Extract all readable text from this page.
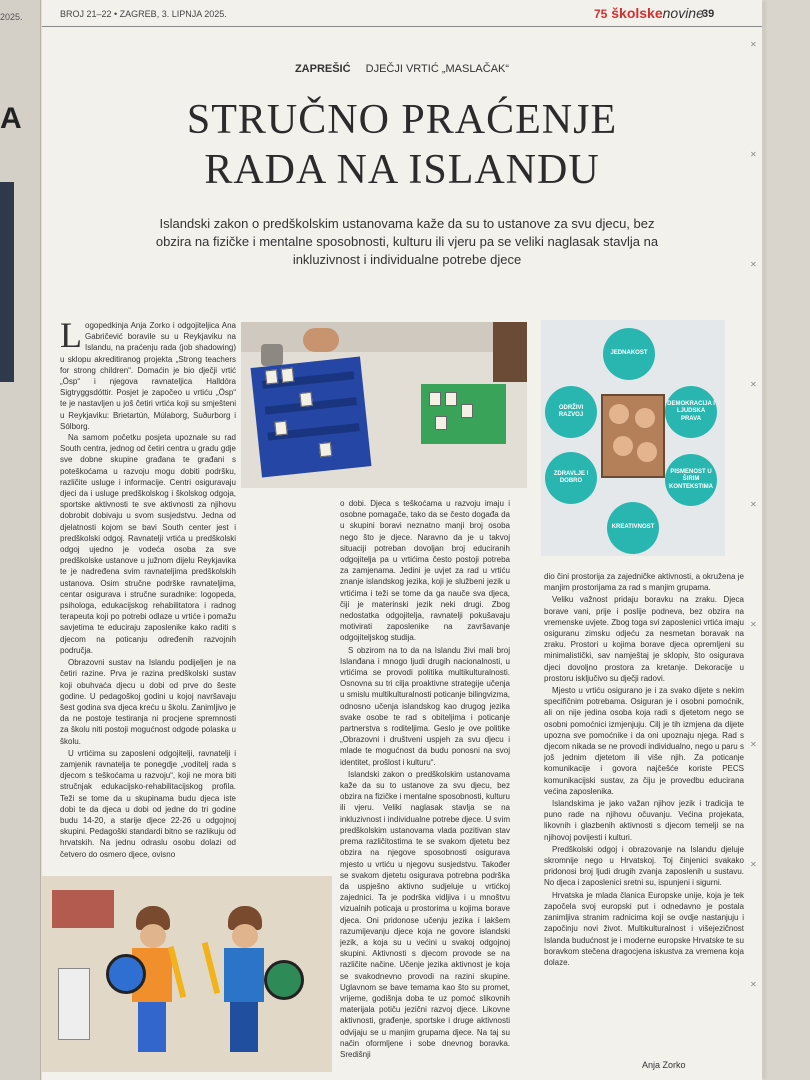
2025.
A
BROJ 21–22 • ZAGREB, 3. LIPNJA 2025.	75 školskenovine
39
ZAPREŠIĆ DJEČJI VRTIĆ „MASLAČAK“
STRUČNO PRAĆENJE
RADA NA ISLANDU
Islandski zakon o predškolskim ustanovama kaže da su to ustanove za svu djecu, bez obzira na fizičke i mentalne sposobnosti, kulturu ili vjeru pa se veliki naglasak stavlja na inkluzivnost i individualne potrebe djece

Logopedkinja Anja Zorko i odgojiteljica Ana Gabričević boravile su u Reykjaviku na Islandu, na praćenju rada (job shadowing) u sklopu akreditiranog projekta „Strong teachers for strong children“. Domaćin je bio dječji vrtić „Ösp“ i njegova ravnateljica Halldóra Sigtryggsdóttir. Posjet je započeo u vrtiću „Ösp“ te je nastavljen u još četiri vrtića koji su smješteni u Reykjaviku: Brietartún, Múlaborg, Suðurborg i Sólborg.

Na samom početku posjeta upoznale su rad South centra, jednog od četiri centra u gradu gdje sve dobne skupine građana te građani s poteškoćama u razvoju mogu dobiti podršku, različite usluge i informacije. Centri osiguravaju djeci da i usluge predškolskog i školskog odgoja, sportske aktivnosti te sve aktivnosti za njihovu dobrobit dobivaju u svom susjedstvu. Jedna od djelatnosti kojom se bavi South center jest i predškolski odgoj. Ravnatelji vrtića u predškolski odgoj ujedno je vodeća osoba za sve predškolske ustanove u južnom dijelu Reykjavika te je nadređena svim ravnateljima predškolskih ustanova. Osim stručne podrške ravnateljima, centar osigurava i stručne suradnike: logopeda, psihologa, edukacijskog rehabilitatora i radnog terapeuta koji po potrebi odlaze u vrtiće i pomažu savjetima te educiraju zaposlenike kako raditi s djecom na poticanju određenih razvojnih područja.

Obrazovni sustav na Islandu podijeljen je na četiri razine. Prva je razina predškolski sustav koji obuhvaća djecu u dobi od prve do šeste godine. U pedagoškoj godini u kojoj navršavaju šest godina sva djeca kreću u školu. Zanimljivo je da ne postoje testiranja ni procjene spremnosti za školu niti postoji mogućnost odgode polaska u školu.

U vrtićima su zaposleni odgojitelji, ravnatelji i zamjenik ravnatelja te ponegdje „voditelj rada s djecom s teškoćama u razvoju“, koji ne mora biti stručnjak edukacijsko-rehabilitacijskog profila. Teži se tome da u skupinama budu djeca iste dobi te da djeca u dobi od jedne do tri godine budu 14-20, a starije djece 22-26 u odgojnoj skupini. Pedagoški standardi bitno se razlikuju od hrvatskih. Na jednu odraslu osobu dolazi od četvero do osmero djece, ovisno

JEDNAKOST
DEMOKRACIJA I LJUDSKA PRAVA
PISMENOST U ŠIRIM KONTEKSTIMA
KREATIVNOST
ZDRAVLJE I DOBRO
ODRŽIVI RAZVOJ

o dobi. Djeca s teškoćama u razvoju imaju i osobne pomagače, tako da se često događa da u skupini boravi neznatno manji broj osoba nego što je djece. Naravno da je u takvoj situaciji potreban dovoljan broj educiranih odgojitelja pa u vrtićima često postoji potreba za zamjenama. Jedini je uvjet za rad u vrtiću znanje islandskog jezika, koji je službeni jezik u vrtićima i teži se tome da ga nauče sva djeca, čiji je materinski jezik neki drugi. Zbog nedostatka odgojitelja, ravnatelji pokušavaju motivirati zaposlenike na završavanje odgojiteljskog studija.

S obzirom na to da na Islandu živi mali broj Islanđana i mnogo ljudi drugih nacionalnosti, u vrtićima se provodi politika multikulturalnosti. Osnovna su tri cilja proaktivne strategije učenja u smislu multikulturalnosti poticanje bilingvizma, odnosno učenja islandskog kao drugog jezika svake osobe te rad s obiteljima i poticanje partnerstva s roditeljima. Geslo je ove politike „Obrazovni i društveni uspjeh za svu djecu i mlade te mogućnost da budu ponosni na svoj identitet, prošlost i kulturu“.

Islandski zakon o predškolskim ustanovama kaže da su to ustanove za svu djecu, bez obzira na fizičke i mentalne sposobnosti, kulturu ili vjeru. Veliki naglasak stavlja se na inkluzivnost i individualne potrebe djece. U svim predškolskim ustanovama vlada pozitivan stav prema različitostima te se svakom djetetu bez obzira na njegove sposobnosti osigurava mjesto u vrtiću u njegovu susjedstvu. Također se svakom djetetu osigurava potrebna podrška da uspješno aktivno sudjeluje u vrtićkoj zajednici. Ta je podrška vidljiva i u mnoštvu vizualnih poticaja u prostorima u kojima borave djeca. Oni pridonose učenju jezika i lakšem razumijevanju djece koja ne govore islandski jezik, a koja su u većini u svakoj odgojnoj skupini. Aktivnosti s djecom provode se na različite načine. Učenje jezika aktivnost je koja se svakodnevno provodi na razini skupine. Uglavnom se bave temama kao što su promet, vrijeme, godišnja doba te uz pomoć slikovnih materijala potiču jezični razvoj djece. Likovne aktivnosti, građenje, sportske i druge aktivnosti odvijaju se u manjim grupama djece. Na taj su način oformljene i sobe dnevnog boravka. Središnji

dio čini prostorija za zajedničke aktivnosti, a okružena je manjim prostorijama za rad s manjim grupama.

Veliku važnost pridaju boravku na zraku. Djeca borave vani, prije i poslije podneva, bez obzira na vremenske uvjete. Zbog toga svi zaposlenici vrtića imaju osiguranu zimsku odjeću za nesmetan boravak na zraku. Prostori u kojima borave djeca opremljeni su minimalistički, sav namještaj je sklopiv, što osigurava djeci dovoljno prostora za kretanje. Dekoracije u prostoru isključivo su dječji radovi.

Mjesto u vrtiću osigurano je i za svako dijete s nekim specifičnim potrebama. Osiguran je i osobni pomoćnik, ali on nije jedina osoba koja radi s djetetom nego se osobni pomoćnici izmjenjuju. Cilj je tih izmjena da dijete upozna sve pomoćnike i da oni upoznaju njega. Rad s djecom nikada se ne provodi individualno, nego u paru s još jednim djetetom ili više njih. Za poticanje komunikacije i govora najčešće koriste PECS komunikacijski sustav, za čiju je provedbu educirana većina zaposlenika.

Islandskima je jako važan njihov jezik i tradicija te puno rade na njihovu očuvanju. Većina projekata, likovnih i glazbenih aktivnosti s djecom temelji se na njihovoj povijesti i kulturi.

Predškolski odgoj i obrazovanje na Islandu djeluje skromnije nego u Hrvatskoj. Toj činjenici svakako pridonosi broj ljudi drugih zvanja zaposlenih u sustavu. No djeca i zaposlenici sretni su, ispunjeni i sigurni.

Hrvatska je mlada članica Europske unije, koja je tek započela svoj europski put i odnedavno je postala zanimljiva stranim radnicima koji se ovdje nastanjuju i započinju novi život. Multikulturalnost i višejezičnost Islanda budućnost je i moderne europske Hrvatske te su boravkom stečena dragocjena iskustva za vremena koja dolaze.

Anja Zorko
✕
✕
✕
✕
✕
✕
✕
✕
✕
